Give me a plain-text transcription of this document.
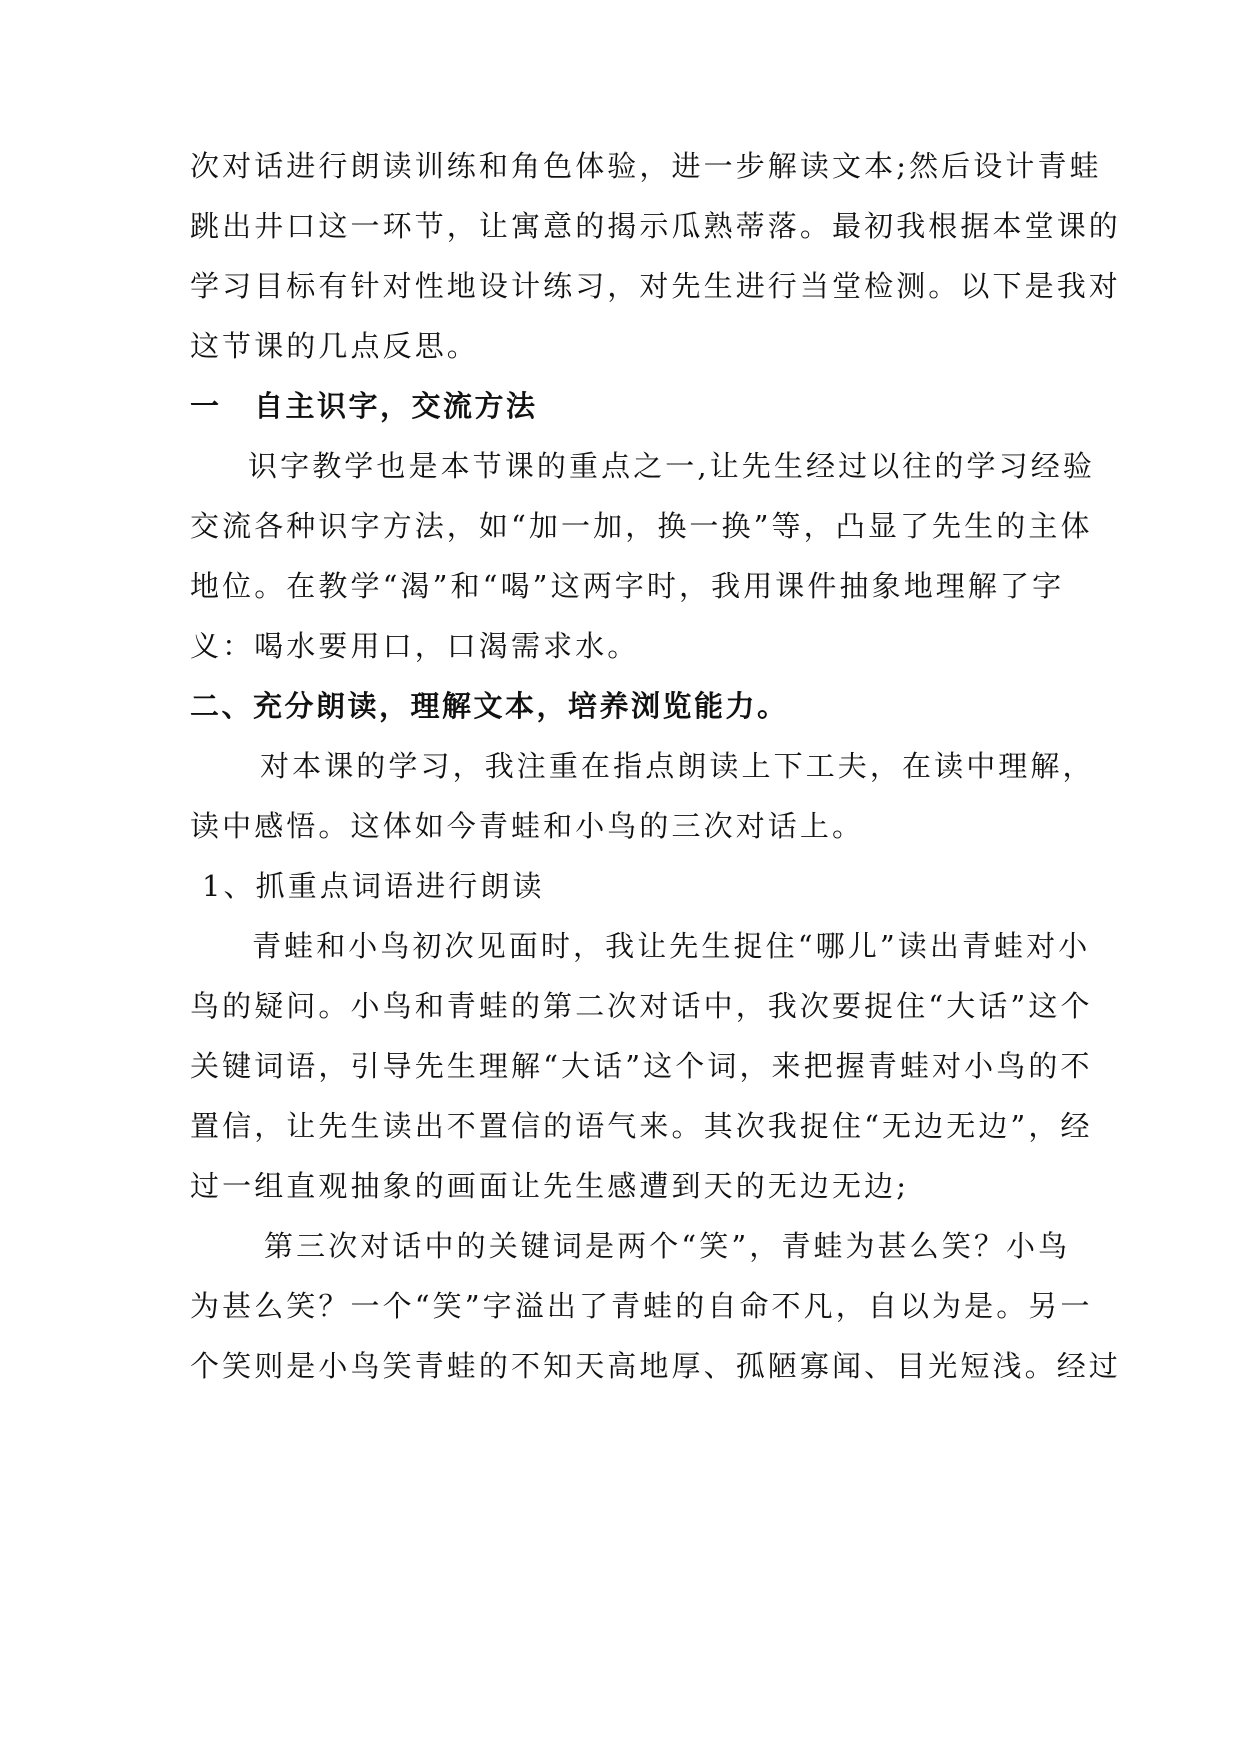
次对话进行朗读训练和角色体验，进一步解读文本;然后设计青蛙
跳出井口这一环节，让寓意的揭示瓜熟蒂落。最初我根据本堂课的
学习目标有针对性地设计练习，对先生进行当堂检测。以下是我对
这节课的几点反思。
一 自主识字，交流方法
识字教学也是本节课的重点之一,让先生经过以往的学习经验
交流各种识字方法，如“加一加，换一换”等，凸显了先生的主体
地位。在教学“渴”和“喝”这两字时，我用课件抽象地理解了字
义：喝水要用口，口渴需求水。
二、充分朗读，理解文本，培养浏览能力。
对本课的学习，我注重在指点朗读上下工夫，在读中理解，
读中感悟。这体如今青蛙和小鸟的三次对话上。
1、抓重点词语进行朗读
青蛙和小鸟初次见面时，我让先生捉住“哪儿”读出青蛙对小
鸟的疑问。小鸟和青蛙的第二次对话中，我次要捉住“大话”这个
关键词语，引导先生理解“大话”这个词，来把握青蛙对小鸟的不
置信，让先生读出不置信的语气来。其次我捉住“无边无边”，经
过一组直观抽象的画面让先生感遭到天的无边无边;
第三次对话中的关键词是两个“笑”，青蛙为甚么笑？小鸟
为甚么笑？一个“笑”字溢出了青蛙的自命不凡，自以为是。另一
个笑则是小鸟笑青蛙的不知天高地厚、孤陋寡闻、目光短浅。经过
